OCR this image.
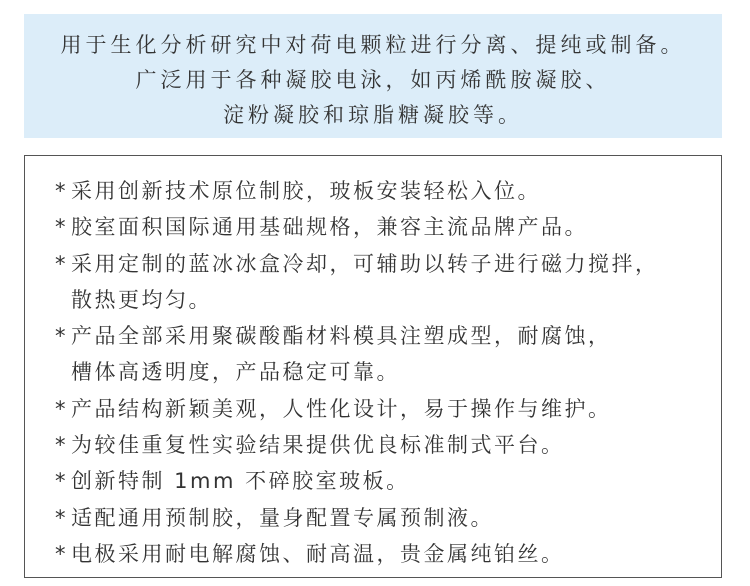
用于生化分析研究中对荷电颗粒进行分离、提纯或制备。
广泛用于各种凝胶电泳，如丙烯酰胺凝胶、
淀粉凝胶和琼脂糖凝胶等。
* 采用创新技术原位制胶，玻板安装轻松入位。
* 胶室面积国际通用基础规格，兼容主流品牌产品。
* 采用定制的蓝冰冰盒冷却，可辅助以转子进行磁力搅拌，
散热更均匀。
* 产品全部采用聚碳酸酯材料模具注塑成型，耐腐蚀，
槽体高透明度，产品稳定可靠。
* 产品结构新颖美观，人性化设计，易于操作与维护。
* 为较佳重复性实验结果提供优良标准制式平台。
* 创新特制 1mm 不碎胶室玻板。
* 适配通用预制胶，量身配置专属预制液。
* 电极采用耐电解腐蚀、耐高温，贵金属纯铂丝。
